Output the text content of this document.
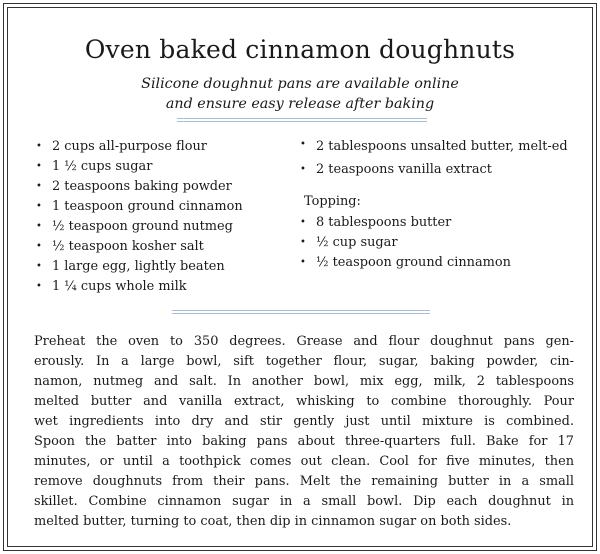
Oven baked cinnamon doughnuts
Silicone doughnut pans are available online
and ensure easy release after baking
• 2 cups all-purpose flour
• 1 ½ cups sugar
• 2 teaspoons baking powder
• 1 teaspoon ground cinnamon
• ½ teaspoon ground nutmeg
• ½ teaspoon kosher salt
• 1 large egg, lightly beaten
• 1 ¼ cups whole milk
• 2 tablespoons unsalted butter, melt-ed
• 2 teaspoons vanilla extract
Topping:
• 8 tablespoons butter
• ½ cup sugar
• ½ teaspoon ground cinnamon
Preheat the oven to 350 degrees. Grease and flour doughnut pans gen-
erously. In a large bowl, sift together flour, sugar, baking powder, cin-
namon, nutmeg and salt. In another bowl, mix egg, milk, 2 tablespoons
melted butter and vanilla extract, whisking to combine thoroughly. Pour
wet ingredients into dry and stir gently just until mixture is combined.
Spoon the batter into baking pans about three-quarters full. Bake for 17
minutes, or until a toothpick comes out clean. Cool for five minutes, then
remove doughnuts from their pans. Melt the remaining butter in a small
skillet. Combine cinnamon sugar in a small bowl. Dip each doughnut in
melted butter, turning to coat, then dip in cinnamon sugar on both sides.
